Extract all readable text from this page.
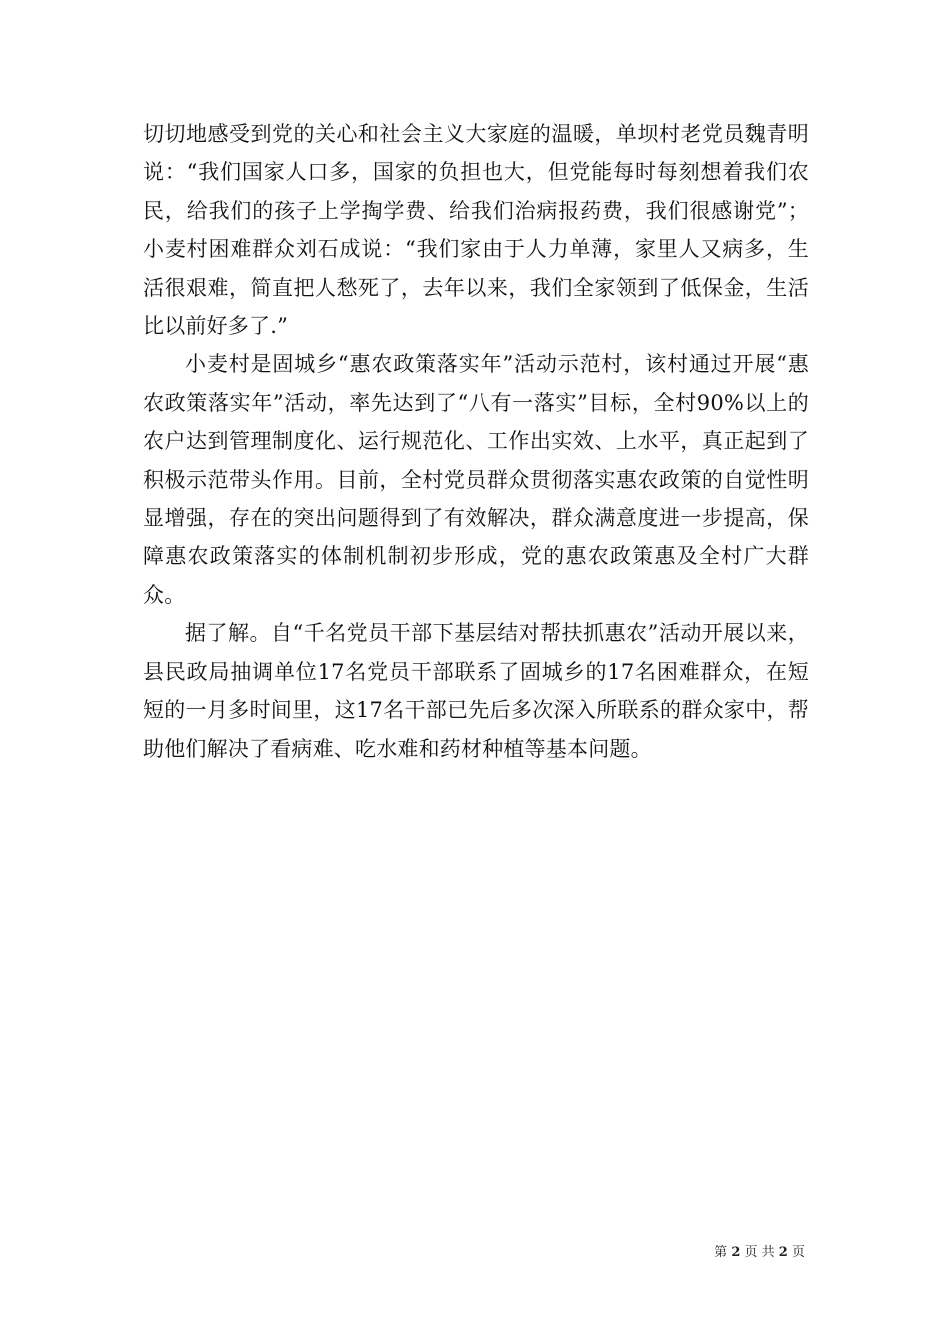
切切地感受到党的关心和社会主义大家庭的温暖，单坝村老党员魏青明说：“我们国家人口多，国家的负担也大，但党能每时每刻想着我们农民，给我们的孩子上学掏学费、给我们治病报药费，我们很感谢党”；小麦村困难群众刘石成说：“我们家由于人力单薄，家里人又病多，生活很艰难，简直把人愁死了，去年以来，我们全家领到了低保金，生活比以前好多了.”

小麦村是固城乡“惠农政策落实年”活动示范村，该村通过开展“惠农政策落实年”活动，率先达到了“八有一落实”目标，全村90%以上的农户达到管理制度化、运行规范化、工作出实效、上水平，真正起到了积极示范带头作用。目前，全村党员群众贯彻落实惠农政策的自觉性明显增强，存在的突出问题得到了有效解决，群众满意度进一步提高，保障惠农政策落实的体制机制初步形成，党的惠农政策惠及全村广大群众。

据了解。自“千名党员干部下基层结对帮扶抓惠农”活动开展以来，县民政局抽调单位17名党员干部联系了固城乡的17名困难群众，在短短的一月多时间里，这17名干部已先后多次深入所联系的群众家中，帮助他们解决了看病难、吃水难和药材种植等基本问题。

第 2 页 共 2 页
